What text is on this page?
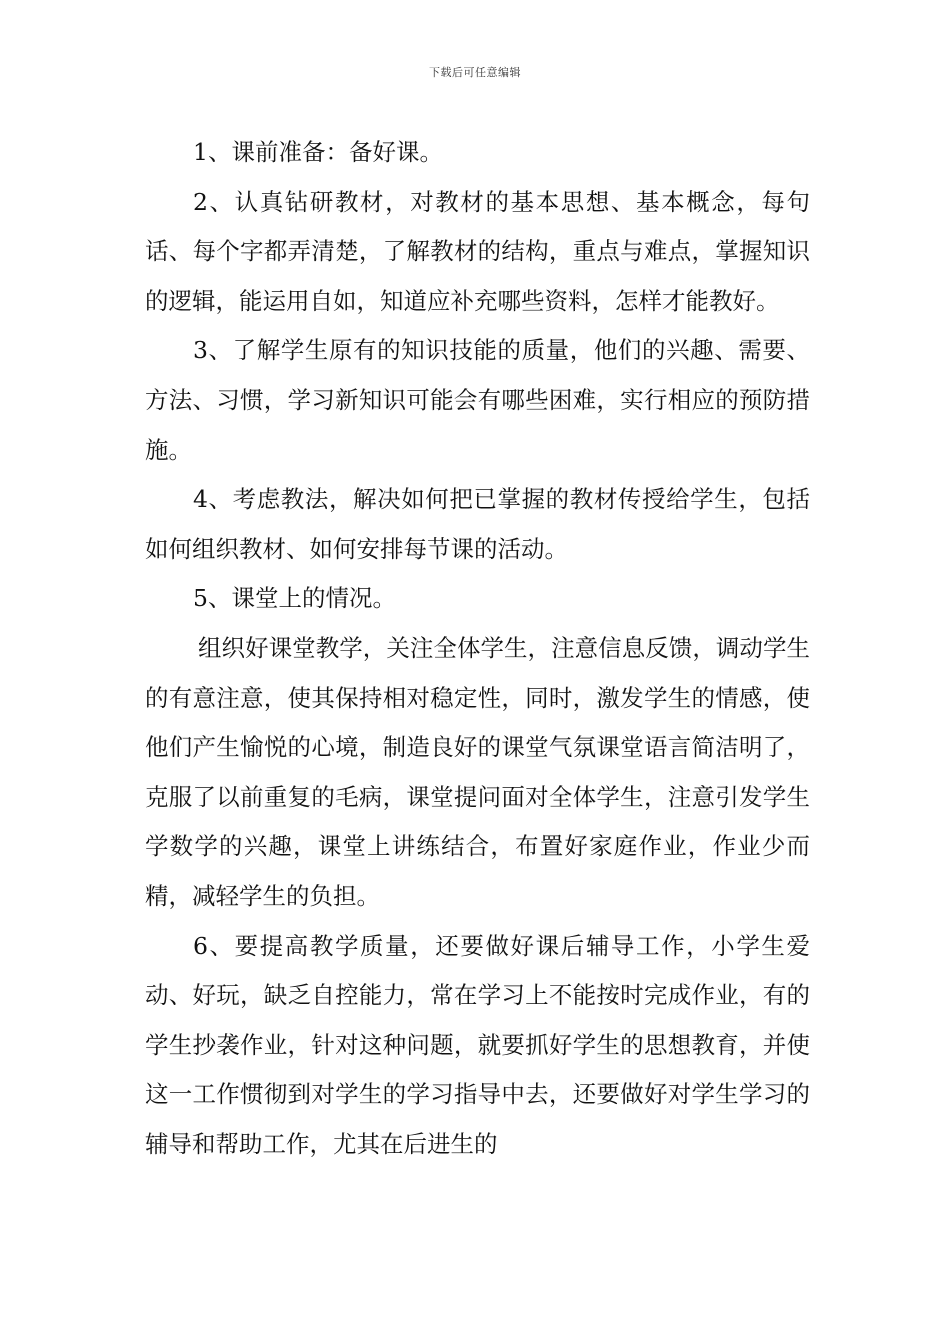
下载后可任意编辑

1、课前准备：备好课。

2、认真钻研教材，对教材的基本思想、基本概念，每句话、每个字都弄清楚，了解教材的结构，重点与难点，掌握知识的逻辑，能运用自如，知道应补充哪些资料，怎样才能教好。

3、了解学生原有的知识技能的质量，他们的兴趣、需要、方法、习惯，学习新知识可能会有哪些困难，实行相应的预防措施。

4、考虑教法，解决如何把已掌握的教材传授给学生，包括如何组织教材、如何安排每节课的活动。

5、课堂上的情况。

组织好课堂教学，关注全体学生，注意信息反馈，调动学生的有意注意，使其保持相对稳定性，同时，激发学生的情感，使他们产生愉悦的心境，制造良好的课堂气氛课堂语言简洁明了，克服了以前重复的毛病，课堂提问面对全体学生，注意引发学生学数学的兴趣，课堂上讲练结合，布置好家庭作业，作业少而精，减轻学生的负担。

6、要提高教学质量，还要做好课后辅导工作，小学生爱动、好玩，缺乏自控能力，常在学习上不能按时完成作业，有的学生抄袭作业，针对这种问题，就要抓好学生的思想教育，并使这一工作惯彻到对学生的学习指导中去，还要做好对学生学习的辅导和帮助工作，尤其在后进生的
